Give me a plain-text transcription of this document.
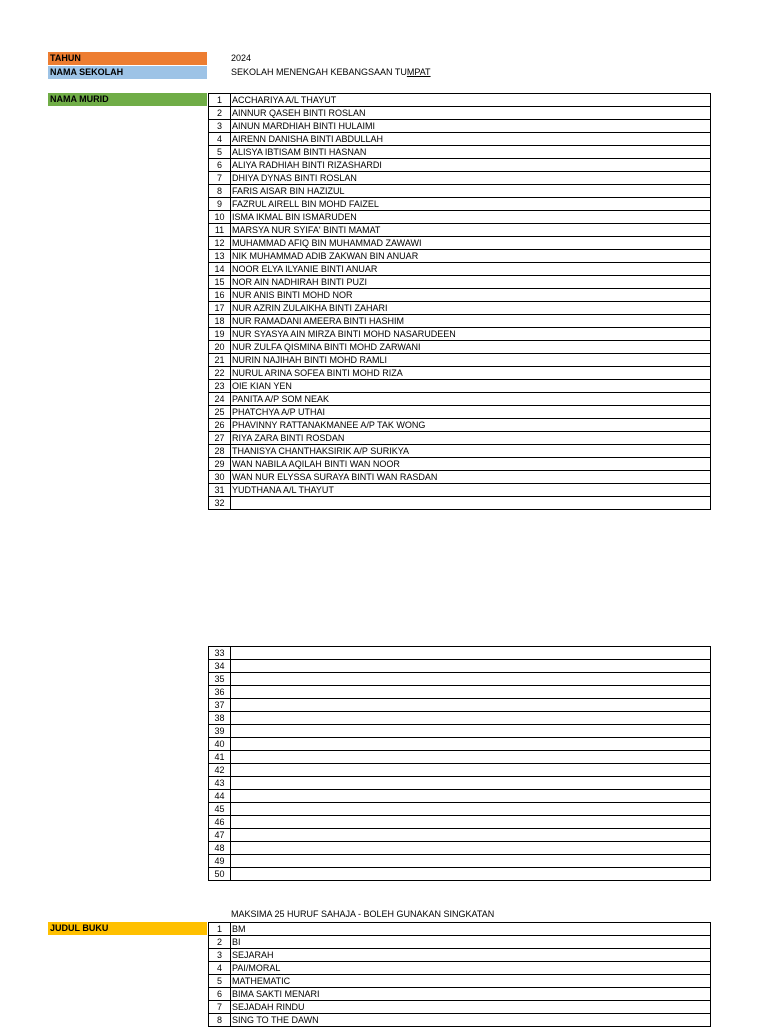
TAHUN	2024
NAMA SEKOLAH	SEKOLAH MENENGAH KEBANGSAAN TUMPAT
NAMA MURID	1	ACCHARIYA A/L THAYUT
2	AINNUR QASEH BINTI ROSLAN
3	AINUN MARDHIAH BINTI HULAIMI
4	AIRENN DANISHA BINTI ABDULLAH
5	ALISYA IBTISAM BINTI HASNAN
6	ALIYA RADHIAH BINTI RIZASHARDI
7	DHIYA DYNAS BINTI ROSLAN
8	FARIS AISAR BIN HAZIZUL
9	FAZRUL AIRELL BIN MOHD FAIZEL
10	ISMA IKMAL BIN ISMARUDEN
11	MARSYA NUR SYIFA' BINTI MAMAT
12	MUHAMMAD AFIQ BIN MUHAMMAD ZAWAWI
13	NIK MUHAMMAD ADIB ZAKWAN BIN ANUAR
14	NOOR ELYA ILYANIE BINTI ANUAR
15	NOR AIN NADHIRAH BINTI PUZI
16	NUR ANIS BINTI MOHD NOR
17	NUR AZRIN ZULAIKHA BINTI ZAHARI
18	NUR RAMADANI AMEERA BINTI HASHIM
19	NUR SYASYA AIN MIRZA BINTI MOHD NASARUDEEN
20	NUR ZULFA QISMINA BINTI MOHD ZARWANI
21	NURIN NAJIHAH BINTI MOHD RAMLI
22	NURUL ARINA SOFEA BINTI MOHD RIZA
23	OIE KIAN YEN
24	PANITA A/P SOM NEAK
25	PHATCHYA A/P UTHAI
26	PHAVINNY RATTANAKMANEE A/P TAK WONG
27	RIYA ZARA BINTI ROSDAN
28	THANISYA CHANTHAKSIRIK A/P SURIKYA
29	WAN NABILA AQILAH BINTI WAN NOOR
30	WAN NUR ELYSSA SURAYA BINTI WAN RASDAN
31	YUDTHANA A/L THAYUT
32	
33	
34	
35	
36	
37	
38	
39	
40	
41	
42	
43	
44	
45	
46	
47	
48	
49	
50	
MAKSIMA 25 HURUF SAHAJA - BOLEH GUNAKAN SINGKATAN
JUDUL BUKU	1	BM
2	BI
3	SEJARAH
4	PAI/MORAL
5	MATHEMATIC
6	BIMA SAKTI MENARI
7	SEJADAH RINDU
8	SING TO THE DAWN
